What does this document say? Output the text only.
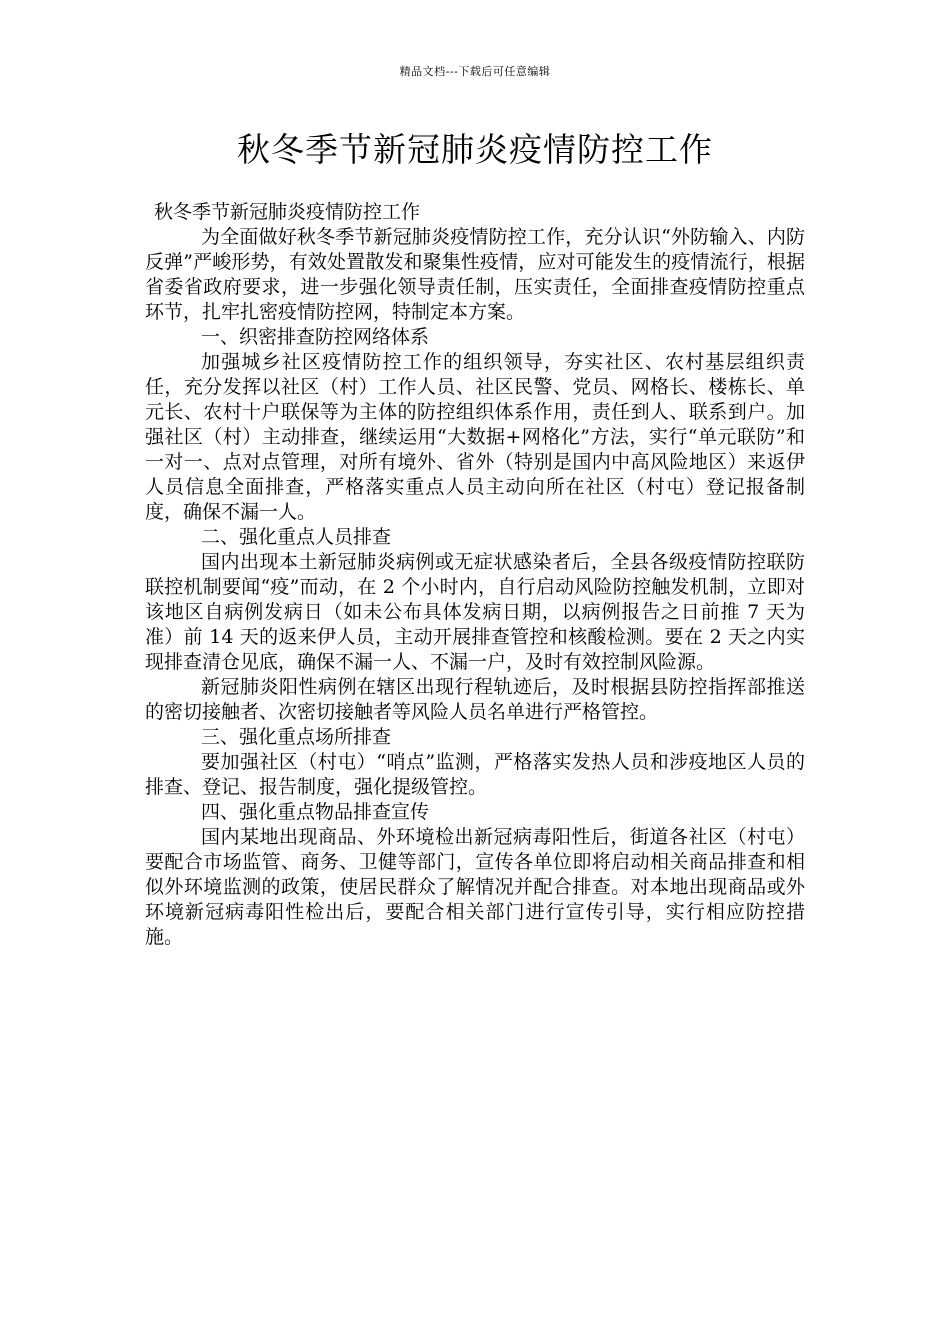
精品文档---下载后可任意编辑
秋冬季节新冠肺炎疫情防控工作

秋冬季节新冠肺炎疫情防控工作

为全面做好秋冬季节新冠肺炎疫情防控工作，充分认识“外防输入、内防反弹”严峻形势，有效处置散发和聚集性疫情，应对可能发生的疫情流行，根据省委省政府要求，进一步强化领导责任制，压实责任，全面排查疫情防控重点环节，扎牢扎密疫情防控网，特制定本方案。

一、织密排查防控网络体系

加强城乡社区疫情防控工作的组织领导，夯实社区、农村基层组织责任，充分发挥以社区（村）工作人员、社区民警、党员、网格长、楼栋长、单元长、农村十户联保等为主体的防控组织体系作用，责任到人、联系到户。加强社区（村）主动排查，继续运用“大数据+网格化”方法，实行“单元联防”和一对一、点对点管理，对所有境外、省外（特别是国内中高风险地区）来返伊人员信息全面排查，严格落实重点人员主动向所在社区（村屯）登记报备制度，确保不漏一人。

二、强化重点人员排查

国内出现本土新冠肺炎病例或无症状感染者后，全县各级疫情防控联防联控机制要闻“疫”而动，在 2 个小时内，自行启动风险防控触发机制，立即对该地区自病例发病日（如未公布具体发病日期，以病例报告之日前推 7 天为准）前 14 天的返来伊人员，主动开展排查管控和核酸检测。要在 2 天之内实现排查清仓见底，确保不漏一人、不漏一户，及时有效控制风险源。

新冠肺炎阳性病例在辖区出现行程轨迹后，及时根据县防控指挥部推送的密切接触者、次密切接触者等风险人员名单进行严格管控。

三、强化重点场所排查

要加强社区（村屯）“哨点”监测，严格落实发热人员和涉疫地区人员的排查、登记、报告制度，强化提级管控。

四、强化重点物品排查宣传

国内某地出现商品、外环境检出新冠病毒阳性后，街道各社区（村屯）要配合市场监管、商务、卫健等部门，宣传各单位即将启动相关商品排查和相似外环境监测的政策，使居民群众了解情况并配合排查。对本地出现商品或外环境新冠病毒阳性检出后，要配合相关部门进行宣传引导，实行相应防控措施。
